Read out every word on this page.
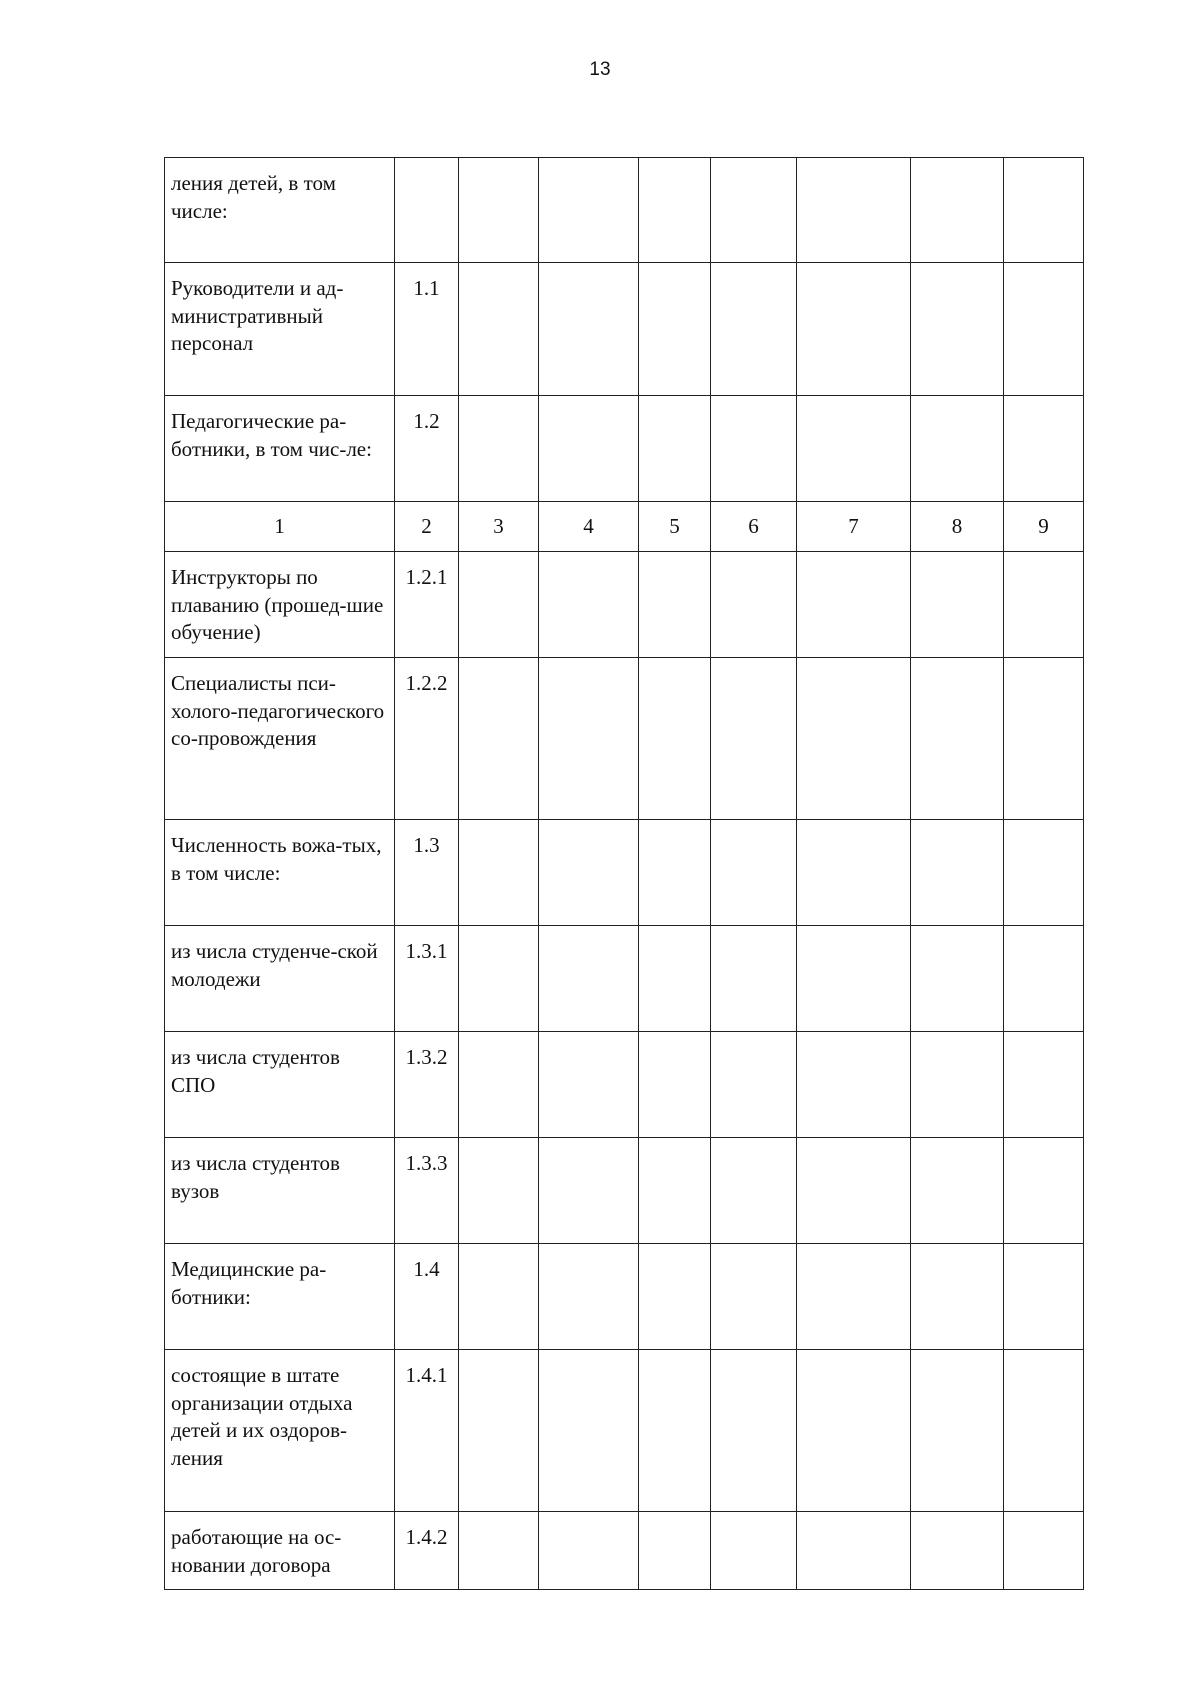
13
ления детей, в том числе:								
Руководители и ад-министративный персонал	1.1							
Педагогические ра-ботники, в том чис-ле:	1.2							
1	2	3	4	5	6	7	8	9
Инструкторы по плаванию (прошед-шие обучение)	1.2.1							
Специалисты пси-холого-педагогического со-провождения	1.2.2							
Численность вожа-тых, в том числе:	1.3							
из числа студенче-ской молодежи	1.3.1							
из числа студентов СПО	1.3.2							
из числа студентов вузов	1.3.3							
Медицинские ра-ботники:	1.4							
состоящие в штате организации отдыха детей и их оздоров-ления	1.4.1							
работающие на ос-новании договора	1.4.2							
